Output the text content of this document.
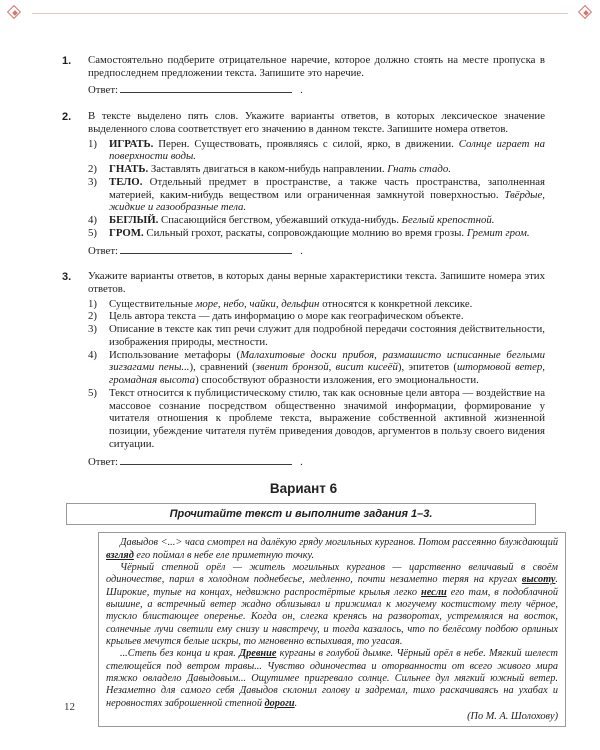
1.	Самостоятельно подберите отрицательное наречие, которое должно стоять на месте пропуска в предпоследнем предложении текста. Запишите это наречие.

Ответ:	.
2.	В тексте выделено пять слов. Укажите варианты ответов, в которых лексическое значение выделенного слова соответствует его значению в данном тексте. Запишите номера ответов.

1)	ИГРАТЬ. Перен. Существовать, проявляясь с силой, ярко, в движении. Солнце играет на поверхности воды.
2)	ГНАТЬ. Заставлять двигаться в каком-нибудь направлении. Гнать стадо.
3)	ТЕЛО. Отдельный предмет в пространстве, а также часть пространства, заполненная материей, каким-нибудь веществом или ограниченная замкнутой поверхностью. Твёрдые, жидкие и газообразные тела.
4)	БЕГЛЫЙ. Спасающийся бегством, убежавший откуда-нибудь. Беглый крепостной.
5)	ГРОМ. Сильный грохот, раскаты, сопровождающие молнию во время грозы. Гремит гром.
Ответ:	.
3.	Укажите варианты ответов, в которых даны верные характеристики текста. Запишите номера этих ответов.

1)	Существительные море, небо, чайки, дельфин относятся к конкретной лексике.
2)	Цель автора текста — дать информацию о море как географическом объекте.
3)	Описание в тексте как тип речи служит для подробной передачи состояния действительности, изображения природы, местности.
4)	Использование метафоры (Малахитовые доски прибоя, размашисто исписанные беглыми зигзагами пены...), сравнений (звенит бронзой, висит кисеёй), эпитетов (штормовой ветер, громадная высота) способствуют образности изложения, его эмоциональности.
5)	Текст относится к публицистическому стилю, так как основные цели автора — воздействие на массовое сознание посредством общественно значимой информации, формирование у читателя отношения к проблеме текста, выражение собственной активной жизненной позиции, убеждение читателя путём приведения доводов, аргументов в пользу своего видения ситуации.
Ответ:	.
Вариант 6
Прочитайте текст и выполните задания 1–3.

Давыдов <...> часа смотрел на далёкую гряду могильных курганов. Потом рассеянно блуждающий взгляд его поймал в небе еле приметную точку.

Чёрный степной орёл — житель могильных курганов — царственно величавый в своём одиночестве, парил в холодном поднебесье, медленно, почти незаметно теряя на кругах высоту. Широкие, тупые на концах, недвижно распростёртые крылья легко несли его там, в подоблачной вышине, а встречный ветер жадно облизывал и прижимал к могучему костистому телу чёрное, тускло блистающее оперенье. Когда он, слегка кренясь на разворотах, устремлялся на восток, солнечные лучи светили ему снизу и навстречу, и тогда казалось, что по белёсому подбою орлиных крыльев мечутся белые искры, то мгновенно вспыхивая, то угасая.

...Степь без конца и края. Древние курганы в голубой дымке. Чёрный орёл в небе. Мягкий шелест стелющейся под ветром травы... Чувство одиночества и оторванности от всего живого мира тяжко овладело Давыдовым... Ощутимее пригревало солнце. Сильнее дул мягкий южный ветер. Незаметно для самого себя Давыдов склонил голову и задремал, тихо раскачиваясь на ухабах и неровностях заброшенной степной дороги.

(По М. А. Шолохову)
12
